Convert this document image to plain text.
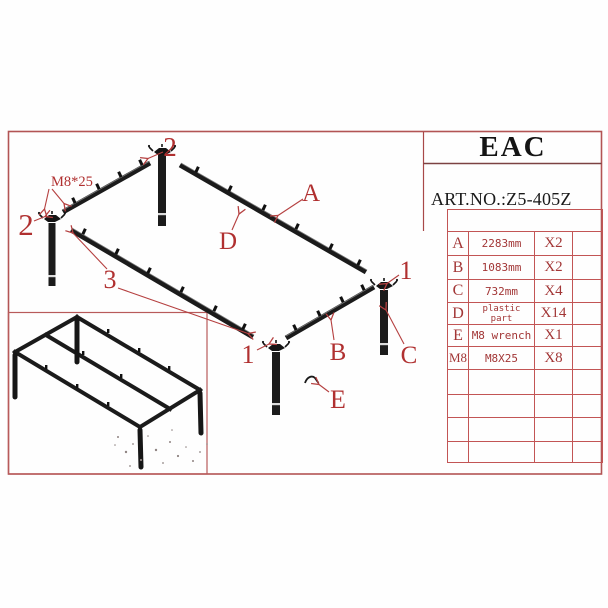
2
2
M8*25
3
A
D
B C
1
1
E
EAC
ART.NO.:Z5-405Z

A	2283mm	X2	
B	1083mm	X2	
C	732mm	X4	
D	plastic part	X14	
E	M8 wrench	X1	
M8	M8X25	X8	
